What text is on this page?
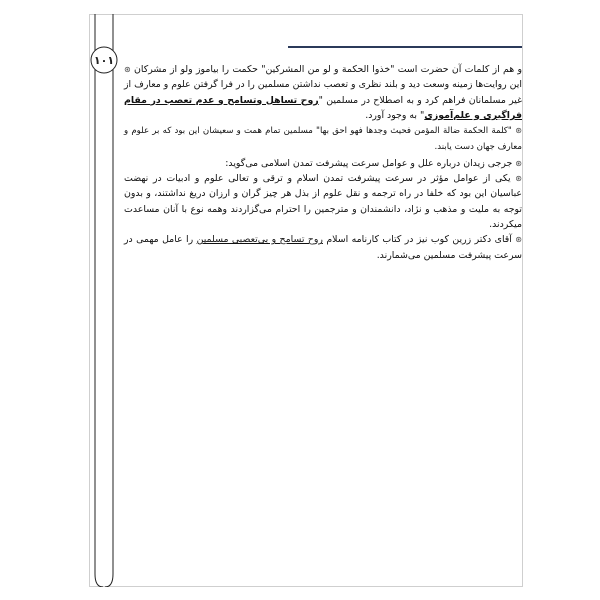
۱۰۱

و هم از کلمات آن حضرت است "خذوا الحکمة و لو من المشرکین" حکمت را بیاموز ولو از مشرکان ⊛ این روایت‌ها زمینه وسعت دید و بلند نظری و تعصب نداشتن مسلمین را در فرا گرفتن علوم و معارف از غیر مسلمانان فراهم کرد و به اصطلاح در مسلمین "روح تساهل وتسامح و عدم تعصب در مقام فراگیری و علم‌آموزی" به وجود آورد.

⊛ "کلمة الحکمة ضالة المؤمن فحیث وجدها فهو احق بها" مسلمین تمام همت و سعیشان این بود که بر علوم و معارف جهان دست یابند.

⊛ جرجی زیدان درباره علل و عوامل سرعت پیشرفت تمدن اسلامی می‌گوید:

⊛ یکی از عوامل مؤثر در سرعت پیشرفت تمدن اسلام و ترقی و تعالی علوم و ادبیات در نهضت عباسیان این بود که خلفا در راه ترجمه و نقل علوم از بذل هر چیز گران و ارزان دریغ نداشتند، و بدون توجه به ملیت و مذهب و نژاد، دانشمندان و مترجمین را احترام می‌گزاردند وهمه نوع با آنان مساعدت میکردند.

⊛ آقای دکتر زرین کوب نیز در کتاب کارنامه اسلام روح تسامح و بی‌تعصبی مسلمین را عامل مهمی در سرعت پیشرفت مسلمین می‌شمارند.
